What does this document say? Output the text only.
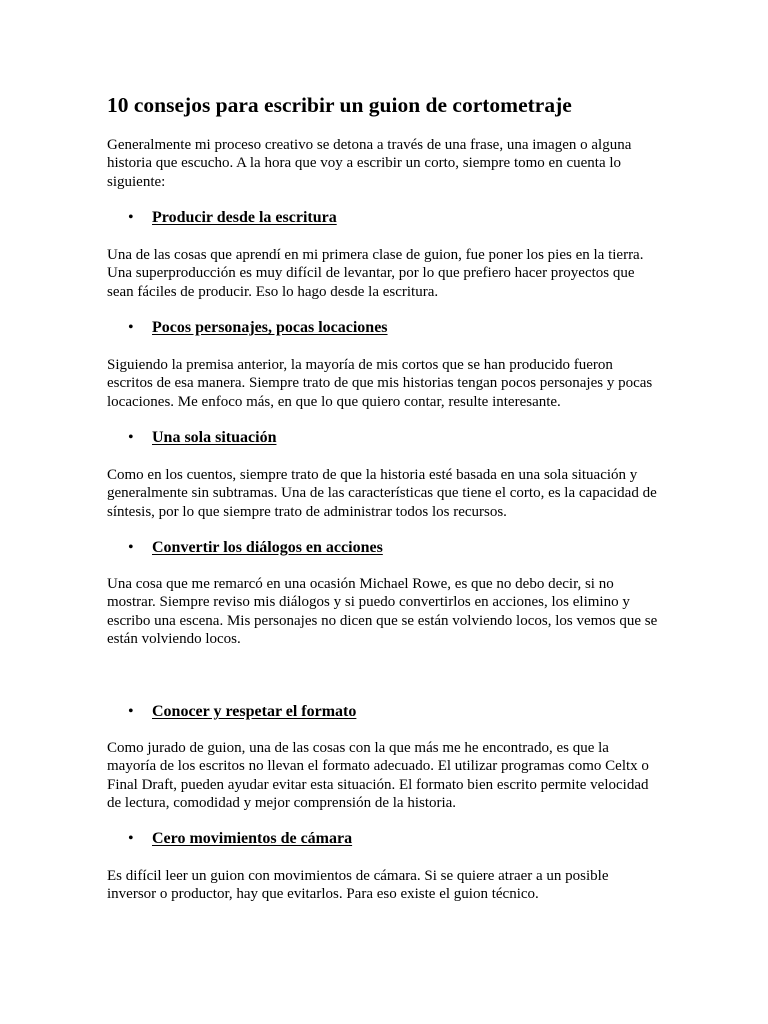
10 consejos para escribir un guion de cortometraje

Generalmente mi proceso creativo se detona a través de una frase, una imagen o alguna
historia que escucho. A la hora que voy a escribir un corto, siempre tomo en cuenta lo
siguiente:

• Producir desde la escritura

Una de las cosas que aprendí en mi primera clase de guion, fue poner los pies en la tierra.
Una superproducción es muy difícil de levantar, por lo que prefiero hacer proyectos que
sean fáciles de producir. Eso lo hago desde la escritura.

• Pocos personajes, pocas locaciones

Siguiendo la premisa anterior, la mayoría de mis cortos que se han producido fueron
escritos de esa manera. Siempre trato de que mis historias tengan pocos personajes y pocas
locaciones. Me enfoco más, en que lo que quiero contar, resulte interesante.

• Una sola situación

Como en los cuentos, siempre trato de que la historia esté basada en una sola situación y
generalmente sin subtramas. Una de las características que tiene el corto, es la capacidad de
síntesis, por lo que siempre trato de administrar todos los recursos.

• Convertir los diálogos en acciones

Una cosa que me remarcó en una ocasión Michael Rowe, es que no debo decir, si no
mostrar. Siempre reviso mis diálogos y si puedo convertirlos en acciones, los elimino y
escribo una escena. Mis personajes no dicen que se están volviendo locos, los vemos que se
están volviendo locos.

• Conocer y respetar el formato

Como jurado de guion, una de las cosas con la que más me he encontrado, es que la
mayoría de los escritos no llevan el formato adecuado. El utilizar programas como Celtx o
Final Draft, pueden ayudar evitar esta situación. El formato bien escrito permite velocidad
de lectura, comodidad y mejor comprensión de la historia.

• Cero movimientos de cámara

Es difícil leer un guion con movimientos de cámara. Si se quiere atraer a un posible
inversor o productor, hay que evitarlos. Para eso existe el guion técnico.
